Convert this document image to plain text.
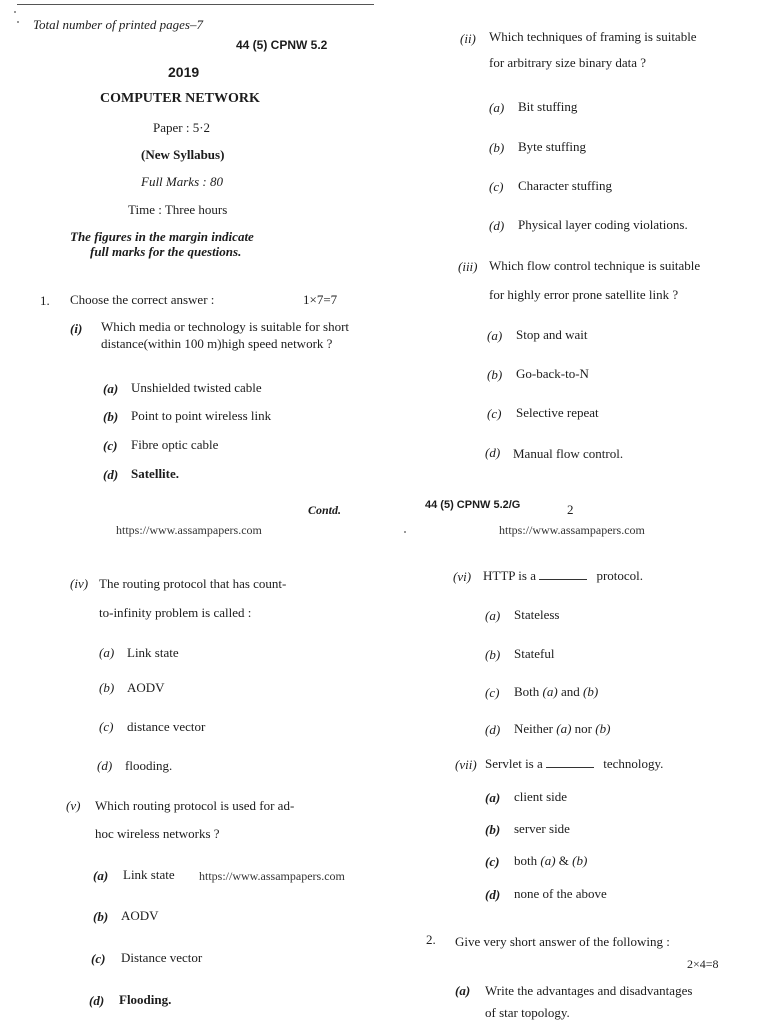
Total number of printed pages–7
44 (5) CPNW 5.2
2019
COMPUTER NETWORK
Paper : 5·2
(New Syllabus)
Full Marks : 80
Time : Three hours
The figures in the margin indicate
full marks for the questions.
1. Choose the correct answer :	1×7=7
(i) Which media or technology is suitable for short distance(within 100 m)high speed network ?
(a) Unshielded twisted cable
(b) Point to point wireless link
(c) Fibre optic cable
(d) Satellite.
Contd.
https://www.assampapers.com
(ii) Which techniques of framing is suitable
for arbitrary size binary data ?
(a) Bit stuffing
(b) Byte stuffing
(c) Character stuffing
(d) Physical layer coding violations.
(iii) Which flow control technique is suitable
for highly error prone satellite link ?
(a) Stop and wait
(b) Go-back-to-N
(c) Selective repeat
(d) Manual flow control.
44 (5) CPNW 5.2/G	2
https://www.assampapers.com
(iv) The routing protocol that has count-
to-infinity problem is called :
(a) Link state
(b) AODV
(c) distance vector
(d) flooding.
(v) Which routing protocol is used for ad-
hoc wireless networks ?
(a) Link state https://www.assampapers.com
(b) AODV
(c) Distance vector
(d) Flooding.
(vi) HTTP is a	protocol.
(a) Stateless
(b) Stateful
(c) Both (a) and (b)
(d) Neither (a) nor (b)
(vii) Servlet is a	technology.
(a) client side
(b) server side
(c) both (a) & (b)
(d) none of the above
2. Give very short answer of the following :
2×4=8
(a) Write the advantages and disadvantages
of star topology.
